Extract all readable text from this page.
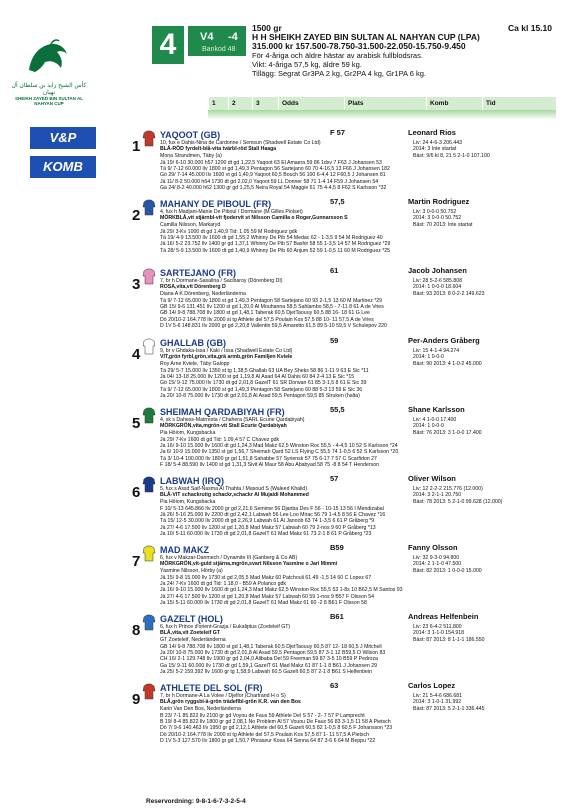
كأس الشيخ زايد بن سلطان آل نهيان
SHEIKH ZAYED BIN SULTAN AL NAHYAN CUP
4	V4 -4
Bankod 48
1500 gr
H H SHEIKH ZAYED BIN SULTAN AL NAHYAN CUP (LPA)
315.000 kr 157.500-78.750-31.500-22.050-15.750-9.450
För 4-åriga och äldre hästar av arabisk fullblodsras.
Vikt: 4-åriga 57,5 kg, äldre 59 kg.
Tillägg: Segrat Gr3PA 2 kg, Gr2PA 4 kg, Gr1PA 6 kg.
Ca kl 15.10
1	2	3	Odds	Plats	Komb	Tid
V&P
KOMB
1
YAQOOT (GB)	F 57	Leonard Rios
10, fux e Dahis-Nina de Cardonne / Semsun (Shadwell Estate Co Ltd)
BLÅ-RÖD fyrdelt-blå-vita tvärbl-röd Stall Haaga
Mona Strandmen, Täby (a)
Liv: 24 4-6-3 206.443
2014: 3 Inte startat
Bäst: 9/6 kl 8, 21 5 2-1-0 107.100
Jä 19/ 6-10 30.000 h57 1200 dt gd 1,22,5 Yaqoot 63 El Amaera 59 86 1dsv 7 F63 J Johansen 53
Tä 9/ 7-12 60.000 Ilv 1800 st gd 1,49,3 Pentagon 56 Sartejano 60 70 4-16,5 13 F66 J Johansen 182
Gö 29/ 7-14 45.000 Ilv 1600 vt gd 1,40,9 Yaqoot 60,5 Bouch 56 100 6-4,4 12 F60,5 J Johansen 81
Jä 11/ 8-2 50.000 h64 1730 dt gd 2,02,0 Yaqoot 59 LL Donner 58 71 1-4 14 F59 J Johansen 54
Gä 24/ 8-2 40.000 h62 1300 gr gd 1,25,5 Neira Royal 54 Maggie 61 75 4-4,5 8 F62 S Karlsson *32
2
MAHANY DE PIBOUL (FR)	57,5	Martin Rodriguez
4, fux h Madjani-Manie De Piboul / Dormane (M Gilles Piolset)
MÖRKBLÅ,vit stjärnbl-vit fjodervit st Nilsson Camilla o Roger,Gunnarsson S
Camilla Nilsson, Markaryd
Liv: 3 0-0-0 50.752
2014: 3 0-0-0 50.752
Bäst: 70 2013: Inte startat
Jä 29/ 3-Kv 1000 dt gd 1,40,9 Tid: 1.05 59 M Rodriguez gdk
Tä 19/ 4-9 13.500 Ilv 1600 dt gd 1,55,2 Whinny De Pib 54 Medac 62 - 1-3,5 9 54 M Rodriguez 40
Jä 16/ 5-2 23.752 Ilv 1400 gr gd 1,37,1 Whinny De Pib 57 Bashir 58 55 1-3,5 14 57 M Rodriguez *29
Tä 28/ 5-9 13.500 Ilv 1600 dt gd 1,40,9 Whinny De Pib 60 Anjum 52 59 1-0,5 11 60 M Rodriguez *25
3
SARTEJANO (FR)	61	Jacob Johansen
7, br h Dormane-Sasalina / Sacibaroy (Dörenberg DI)
ROSA,vita,vit Dörenberg D
Diana A K Dörenberg, Nederländerna
Liv: 28 5-2-6 585.808
2014: 1 0-0-0 18.604
Bäst: 93 2013: 8 0-2-2 149.623
Tä 9/ 7-12 65.000 Ilv 1800 st gd 1,49,3 Pentagon 58 Sartejano 60 93 2-1,5 13 60 M Martinez *29
GB 15/ 9-6 131.451 Ilv 1200 st gd 1,20,0 Al Mouhanna 58,5 Sahlambo 58,5 - 7-11 8 61 A de Vries
GB 14/ 9-8 788.708 Ilv 1800 st gd 1,48,1 Taberak 60,5 DjetTaouuy 60,5 88 16- 18 61 G Lee
Dö 20/10-2 164.778 Ilv 2000 st tg Athlete del 57,5 Poulain Kos 57,5 88 10- 11 57,5 A de Vries
D 1V 5-6 148.831 Ilv 2000 gr gd 2,20,8 Vallentin 59,5 Amaretto 61,5 89 5-10 59,5 V Schulepov 220
4
GHALLAB (GB)	59	Per-Anders Gråberg
9, br v Ghdaka-Issa / Kaki / Issa (Shadwell Estate Co Ltd)
VIT,grön fyrbl,grön,vita,grä armb,grön Familjen Kviele
Roy Arne Kviele, Täby Galopp
Liv: 15 4-1-4 94.274
2014: 1 0-0-0
Bäst: 90 2013: 4 1-0-2 45.000
Tä 29/ 5-7 15.000 Ilv 1350 st tg 1,38,5 Ghallab 63 UA Bey Sheks 58 86 1-11 9 63 E Sic *11
Jä 04/ 13-18 25.000 Ilv 1200 st gd 1,19,8 Al Asad 64 Al Dahis 60 84 2-4 13 E Sic *15
Gö 15/ 9-12 75.000 Ilv 1730 dt gd 2,01,8 GazelT 61 SR Dorwan 61 85 3-1,5 8 61 E Sic 39
Tä 9/ 7-12 65.000 Ilv 1800 st gd 1,49,3 Pentagon 58 Sartejano 60 88 5-3 13 59 E Sic 36
Ja 20/ 10-8 75.000 Ilv 1730 dt gd 2,01,8 Al Asad 59,5 Pentagon 59,5 85 Struken (halta)
5
SHEIMAH QARDABIYAH (FR)	55,5	Shane Karlsson
4, sk s Dahess-Matrresta / Chahera (SARL Ecurie Qardabiyah)
MÖRKGRÖN,vita,mgrön-vit Stall Ecurie Qardabiyah
Pia Höiom, Kungsbacka
Liv: 4 1-0-0 17.400
2014: 1 0-0-0
Bäst: 76 2013: 3 1-0-0 17.400
Jä 29/ 7-Kv 1600 dt gd Tid: 1.09,4 57 C Chavez gdk
Ja 16/ 9-10 15.000 Ilv 1600 dt gd 1,24,3 Mad Makz 62,5 Winston Roc 55,5 - 4-4,5 10 52 S Karlsson *24
Ja 6/ 10-9 15.000 Ilv 1350 st gd 1,56,7 Sheimah Qard 52 LS Flying C 55,5 74 1-0,5 6 52 S Karlsson *20
Tä 3/ 10-4 100.000 Ilv 1800 gr gd 1,51,8 Sahabbe 57 Syriensk 57 75 6-17 7 57 C Scarfidon 27
F 18/ 5-4 88.590 Ilv 1400 st gd 1,31,3 Sivit Al Maur 58 Abu Ababyad 58 75 -8 8 54 T Henderson
6
LABWAH (IRQ)	57	Oliver Wilson
5, fux s Assd Saif-Nasma Al Thahta / Masoud S (Waleed Khalid)
BLÅ-VIT schackrutig schackr,schackr Al Mujaidi Mohammed
Pia Höiom, Kungsbacka
Liv: 12 2-2-2 215.776 (12.000)
2014: 3 2-1-1 20.750
Bäst: 78 2013: 5 2-1-0 99.628 (12.000)
F 10/ 5-13 645.866 Ilv 2000 gr gd 2,21,6 Semime 56 Djanba Des F 56 - 10-15 13 56 I Mendizabal
Jä 26/ 5-16 25.000 Ilv 2200 dt gd 2,42,1 Labwah 56 Lee Loo Mirac 56 79 1-4,5 8 56 E Chavez *16
Tä 15/ 12-5 30.000 Ilv 2000 dt gd 2,26,9 Labwah 61 Al Janoob 63 74 1-3,5 6 61 P Gråberg *9
Jä 27/ 4-6 17.500 Ilv 1200 st gd 1,20,8 Mad Makz 57 Labwah 60 79 2-nos 9 60 P Gråberg *13
Ja 10/ 5-11 60.000 Ilv 1730 dt gd 2,01,8 GazelT 61 Mad Makz 61 73 2-1 8 61 P Gråberg *23
7
MAD MAKZ	B59	Fanny Olsson
6, fux v Makzar-Danmech / Dynamite III (Ganberg & Co AB)
MÖRKGRÖN,vit-guld stjärna,mgrön,svart Nilsson Yasmine o Jari Mimmi
Yasmine Nilsson, Hörby (a)
Liv: 32 9-3-0 94.800
2014: 2 1-1-0 47.500
Bäst: 82 2013: 1 0-0-0 15.000
Jä 15/ 9-8 15.000 Ilv 1730 st gd 2,05,5 Mad Makz 60 Patchouli 61 49 -1,5 14 60 C Lopez 67
Ja 24/ 7-Kv 1600 dt gd Tid: 1.18,0 - B59 A Polanco gdk
Jä 16/ 9-10 15.000 Ilv 1600 dt gd 1,24,3 Mad Makz 62,5 Winston Roc 55,5 53 1-8s 10 B62,5 M Santos 93
Jä 27/ 4-6 17.500 Ilv 1200 st gd 1,20,8 Mad Makz 57 Labwah 60 59 1-nos 9 B57 F Olsson 54
Ja 15/ 5-11 60.000 Ilv 1730 dt gd 2,01,8 GazelT 61 Mad Makz 61 60 -2 8 B61 F Olsson 58
8
GAZELT (HOL)	B61	Andreas Helfenbein
6, fux h Prince d'orient-Grazja / Eukaliptus (Zoeteleif GT)
BLÅ,vita,vit Zoeteleif GT
GT Zoeteleif, Nederländerna
Liv: 23 6-4-2 511.800
2014: 3 1-1-0 154.918
Bäst: 87 2013: 8 1-1-1 186.550
GB 14/ 9-8 788.708 Ilv 1800 st gd 1,48,1 Taberak 60,5 DjetTaouuy 60,5 87 12- 18 60,5 J Mitchell
Ja 20/ 10-8 75.000 Ilv 1730 dt gd 2,01,8 Al Asad 59,5 Pentagon 59,5 87 3-1 12 B59,5 O Wilson 83
CH 16/ 2-1 129.748 Ilv 1900 gr gd 2,04,0 Alibaba Del 59 Freeman 59 87 3-5 10 B59 P Pedroza
Ga 15/ 9-11 60.000 Ilv 1730 dt gd 1,59,1 GazelT 61 Mad Makz 61 87 1-1 8 B61 J Johansen 29
Ja 25/ 5-2 159.392 Ilv 1600 gr tg 1,58,9 Labwah 60,5 Gazelt 60,5 87 2-1 8 B61 S Helfenbein
9
ATHLETE DEL SOL (FR)	63	Carlos Lopez
7, br h Dormane-A La Volee / Djelfor (Chartrand H o S)
BLÅ,grön ryggsbl-ä-grön trädeflbl-grön K.R. van den Bos
Karin Van Den Bos, Nederländerna
Liv: 21 5-4-6 686.681
2014: 3 1-0-1 31.992
Bäst: 87 2013: 5 2-1-1 336.445
B 23/ 7-1 85.822 Ilv 2100 gr gd Voyou de Faux 59 Athlete Del S 57 - 2- 7 57 P Lamprecht
B 19/ 8-4 85.822 Ilv 1800 gr gd 2,08,1 No Problem Al 57 Vouou De Faux 56 83 3-1,5 11 58 A Pietsch
Dö 7/ 9-6 140.463 Ilv 1950 gr gd 2,12,1 Athlete del 60,5 Gazelt 60,5 82 1-0,5 8 60,5 F Johansson *23
Dö 20/10-2 164.778 Ilv 2000 st tg Athlete del 57,5 Poulain Kos 57,5 87 1- 11 57,5 A Pietsch
D 1V 5-3 127.570 Ilv 1800 gr gd 1,50,7 Phraseur Kosa 64 Senna 64 87 3-6 6 64 M Beppu *22
Reservordning: 9-8-1-6-7-3-2-5-4
